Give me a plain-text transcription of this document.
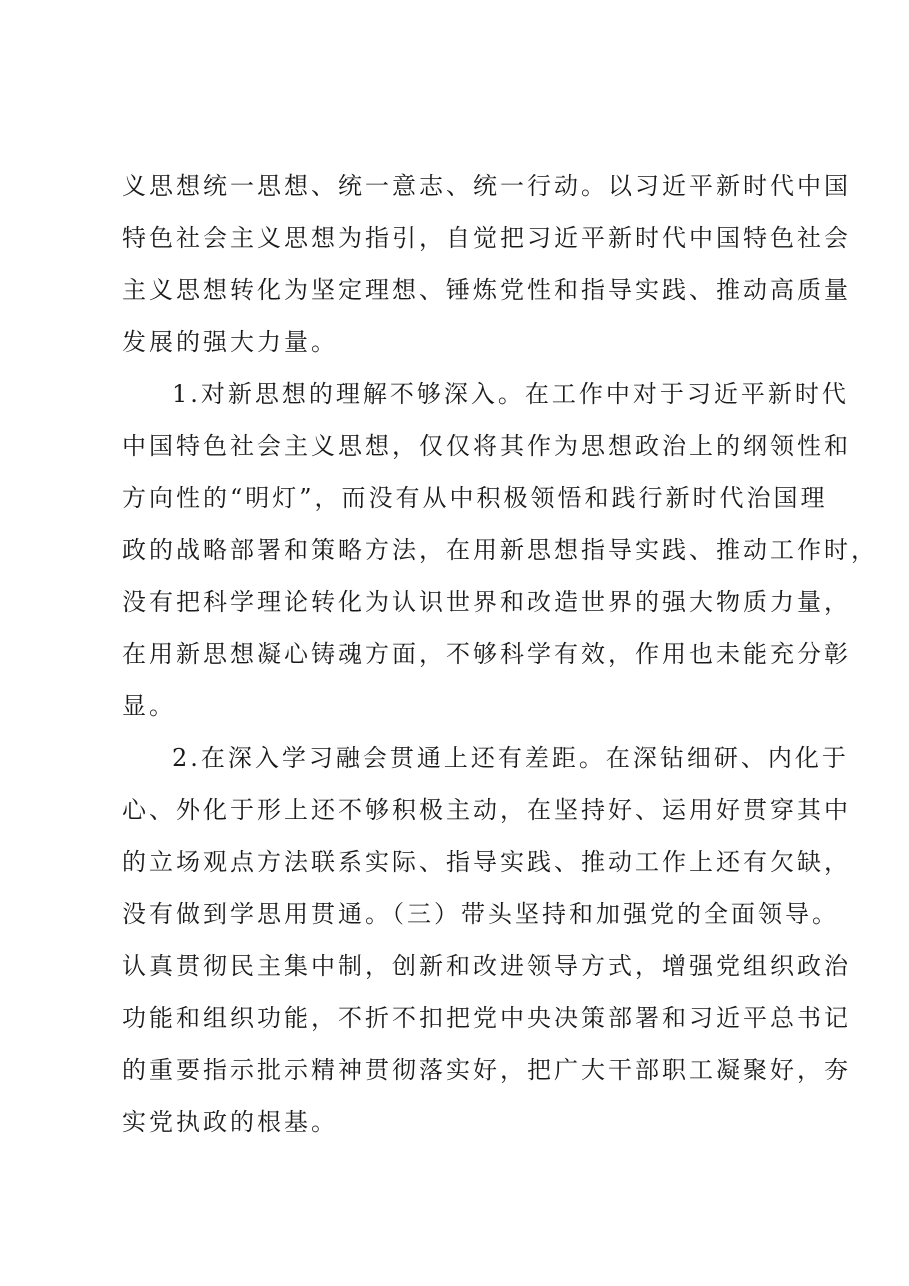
义思想统一思想、统一意志、统一行动。以习近平新时代中国
特色社会主义思想为指引，自觉把习近平新时代中国特色社会
主义思想转化为坚定理想、锤炼党性和指导实践、推动高质量
发展的强大力量。
1.对新思想的理解不够深入。在工作中对于习近平新时代
中国特色社会主义思想，仅仅将其作为思想政治上的纲领性和
方向性的“明灯”，而没有从中积极领悟和践行新时代治国理
政的战略部署和策略方法，在用新思想指导实践、推动工作时，
没有把科学理论转化为认识世界和改造世界的强大物质力量，
在用新思想凝心铸魂方面，不够科学有效，作用也未能充分彰
显。
2.在深入学习融会贯通上还有差距。在深钻细研、内化于
心、外化于形上还不够积极主动，在坚持好、运用好贯穿其中
的立场观点方法联系实际、指导实践、推动工作上还有欠缺，
没有做到学思用贯通。（三）带头坚持和加强党的全面领导。
认真贯彻民主集中制，创新和改进领导方式，增强党组织政治
功能和组织功能，不折不扣把党中央决策部署和习近平总书记
的重要指示批示精神贯彻落实好，把广大干部职工凝聚好，夯
实党执政的根基。
